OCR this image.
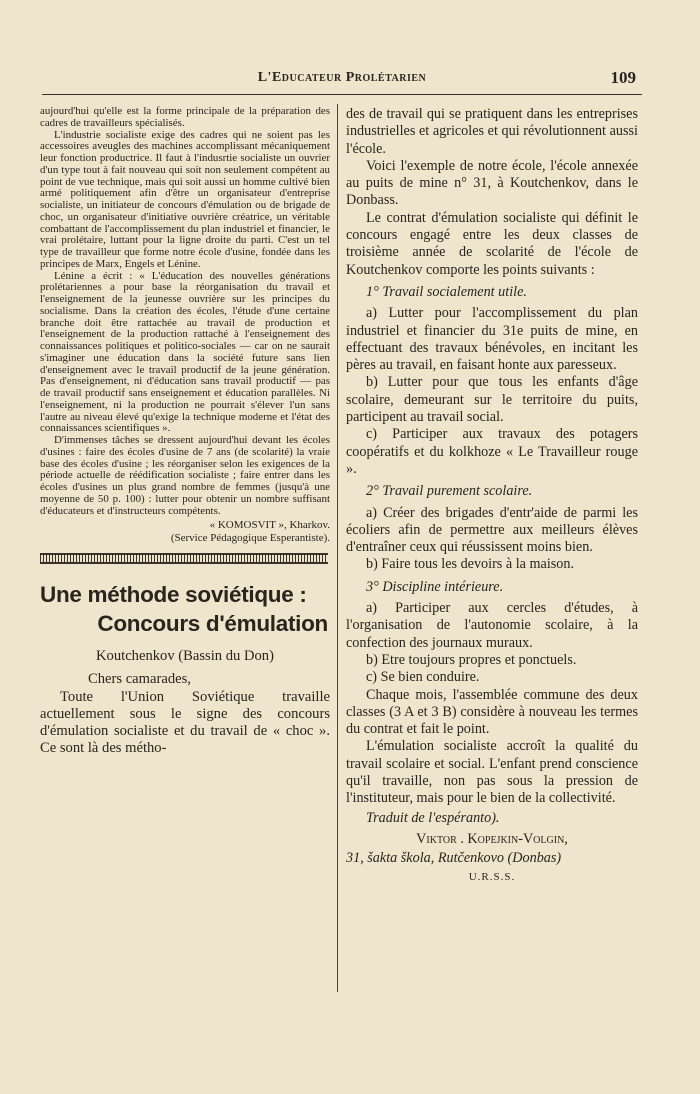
L'Educateur Prolétarien	109

aujourd'hui qu'elle est la forme principale de la préparation des cadres de travailleurs spécialisés.

L'industrie socialiste exige des cadres qui ne soient pas les accessoires aveugles des machines accomplissant mécaniquement leur fonction productrice. Il faut à l'indusrtie socialiste un ouvrier d'un type tout à fait nouveau qui soit non seulement compétent au point de vue technique, mais qui soit aussi un homme cultivé bien armé politiquement afin d'être un organisateur d'entreprise socialiste, un initiateur de concours d'émulation ou de brigade de choc, un organisateur d'initiative ouvrière créatrice, un véritable combattant de l'accomplissement du plan industriel et financier, le vrai prolétaire, luttant pour la ligne droite du parti. C'est un tel type de travailleur que forme notre école d'usine, fondée dans les principes de Marx, Engels et Lénine.

Lénine a écrit : « L'éducation des nouvelles générations prolétariennes a pour base la réorganisation du travail et l'enseignement de la jeunesse ouvrière sur les principes du socialisme. Dans la création des écoles, l'étude d'une certaine branche doit être rattachée au travail de production et l'enseignement de la production rattaché à l'enseignement des connaissances politiques et politico-sociales — car on ne saurait s'imaginer une éducation dans la société future sans lien d'enseignement avec le travail productif de la jeune génération. Pas d'enseignement, ni d'éducation sans travail productif — pas de travail productif sans enseignement et éducation parallèles. Ni l'enseignement, ni la production ne pourrait s'élever l'un sans l'autre au niveau élevé qu'exige la technique moderne et l'état des connaissances scientifiques ».

D'immenses tâches se dressent aujourd'hui devant les écoles d'usines : faire des écoles d'usine de 7 ans (de scolarité) la vraie base des écoles d'usine ; les réorganiser selon les exigences de la période actuelle de réédification socialiste ; faire entrer dans les écoles d'usines un plus grand nombre de femmes (jusqu'à une moyenne de 50 p. 100) : lutter pour obtenir un nombre suffisant d'éducateurs et d'instructeurs compétents.

« KOMOSVIT », Kharkov.
(Service Pédagogique Esperantiste).
Une méthode soviétique :
Concours d'émulation

Koutchenkov (Bassin du Don)

Chers camarades,

Toute l'Union Soviétique travaille actuellement sous le signe des concours d'émulation socialiste et du travail de « choc ». Ce sont là des métho-

des de travail qui se pratiquent dans les entreprises industrielles et agricoles et qui révolutionnent aussi l'école.

Voici l'exemple de notre école, l'école annexée au puits de mine n° 31, à Koutchenkov, dans le Donbass.

Le contrat d'émulation socialiste qui définit le concours engagé entre les deux classes de troisième année de scolarité de l'école de Koutchenkov comporte les points suivants :

1° Travail socialement utile.

a) Lutter pour l'accomplissement du plan industriel et financier du 31e puits de mine, en effectuant des travaux bénévoles, en incitant les pères au travail, en faisant honte aux paresseux.

b) Lutter pour que tous les enfants d'âge scolaire, demeurant sur le territoire du puits, participent au travail social.

c) Participer aux travaux des potagers coopératifs et du kolkhoze « Le Travailleur rouge ».

2° Travail purement scolaire.

a) Créer des brigades d'entr'aide de parmi les écoliers afin de permettre aux meilleurs élèves d'entraîner ceux qui réussissent moins bien.

b) Faire tous les devoirs à la maison.

3° Discipline intérieure.

a) Participer aux cercles d'études, à l'organisation de l'autonomie scolaire, à la confection des journaux muraux.

b) Etre toujours propres et ponctuels.

c) Se bien conduire.

Chaque mois, l'assemblée commune des deux classes (3 A et 3 B) considère à nouveau les termes du contrat et fait le point.

L'émulation socialiste accroît la qualité du travail scolaire et social. L'enfant prend conscience qu'il travaille, non pas sous la pression de l'instituteur, mais pour le bien de la collectivité.

Traduit de l'espéranto).

Viktor . Kopejkin-Volgin,

31, šakta škola, Rutčenkovo (Donbas)

U.R.S.S.
